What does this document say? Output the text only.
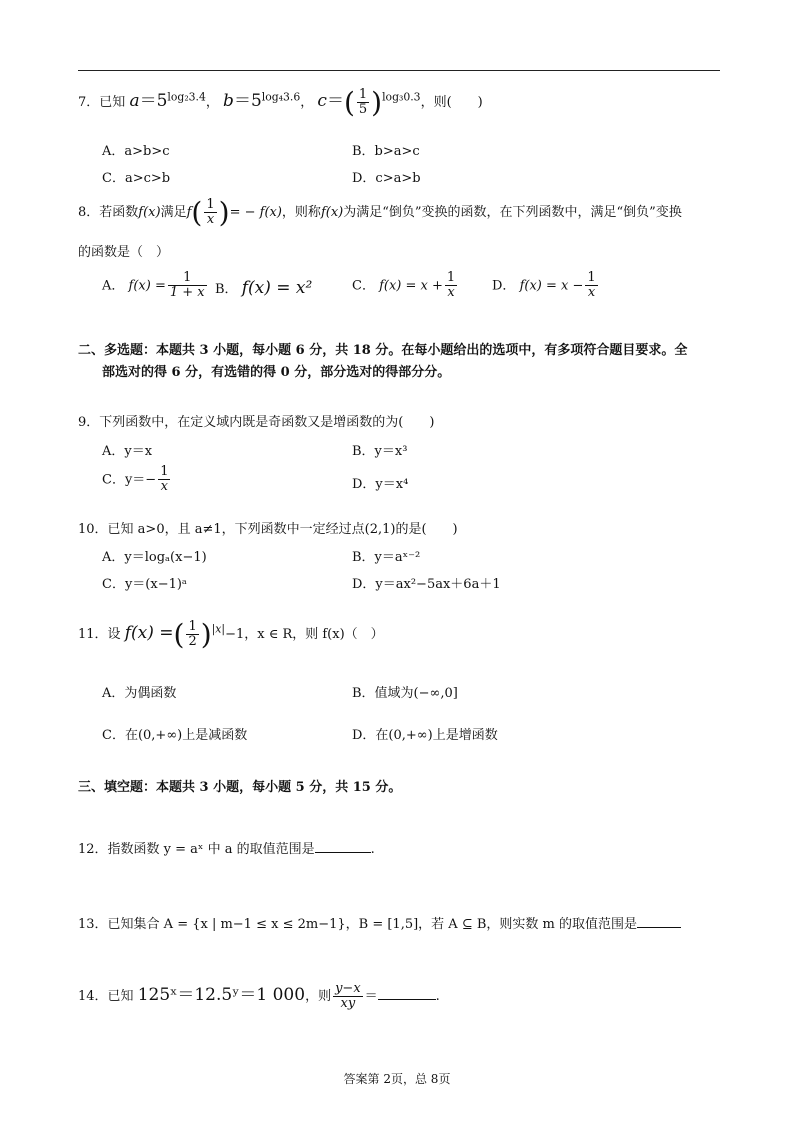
7．已知 $a=5^{log_23.4}$， $b=5^{log_43.6}$， $c=( \frac{1}{5} )^{log_30.3}$，则(　　)
A．a>b>c	B．b>a>c
C．a>c>b	D．c>a>b
8．若函数f(x)满足$f( \frac{1}{x}$ )= − f(x)，则称f(x)为满足“倒负”变换的函数，在下列函数中，满足“倒负”变换
的函数是（　）
A． $f(x) = \frac{1}{1 + x}$ B． f(x) = x²	C． $f(x) = x + \frac{1}{x}$	D． $f(x) = x - \frac{1}{x}$
二、多选题：本题共 3 小题，每小题 6 分，共 18 分。在每小题给出的选项中，有多项符合题目要求。全
部选对的得 6 分，有选错的得 0 分，部分选对的得部分分。
9．下列函数中，在定义域内既是奇函数又是增函数的为(　　)
A．y＝x	B．y＝x³
C．$y=- \frac{1}{x}$	D．y＝x⁴
10．已知 a>0，且 a≠1，下列函数中一定经过点(2,1)的是(　　)
A．y＝logₐ(x−1)	B．y＝aˣ⁻²
C．y＝(x−1)ᵃ	D．y＝ax²−5ax＋6a＋1
11．设 f(x) =( $\frac{1}{2} )^{|x|}-1$，x ∈ R，则 f(x)（　）
A．为偶函数	B．值域为(−∞,0]
C．在(0,+∞)上是减函数	D．在(0,+∞)上是增函数
三、填空题：本题共 3 小题，每小题 5 分，共 15 分。
12．指数函数 y = aˣ 中 a 的取值范围是	.
13．已知集合 A = {x | m−1 ≤ x ≤ 2m−1}，B = [1,5]，若 A ⊆ B，则实数 m 的取值范围是
14．已知 125ˣ＝12.5ʸ＝1 000，则 $\frac{y-x}{xy}$ ＝	.
答案第 2页，总 8页
